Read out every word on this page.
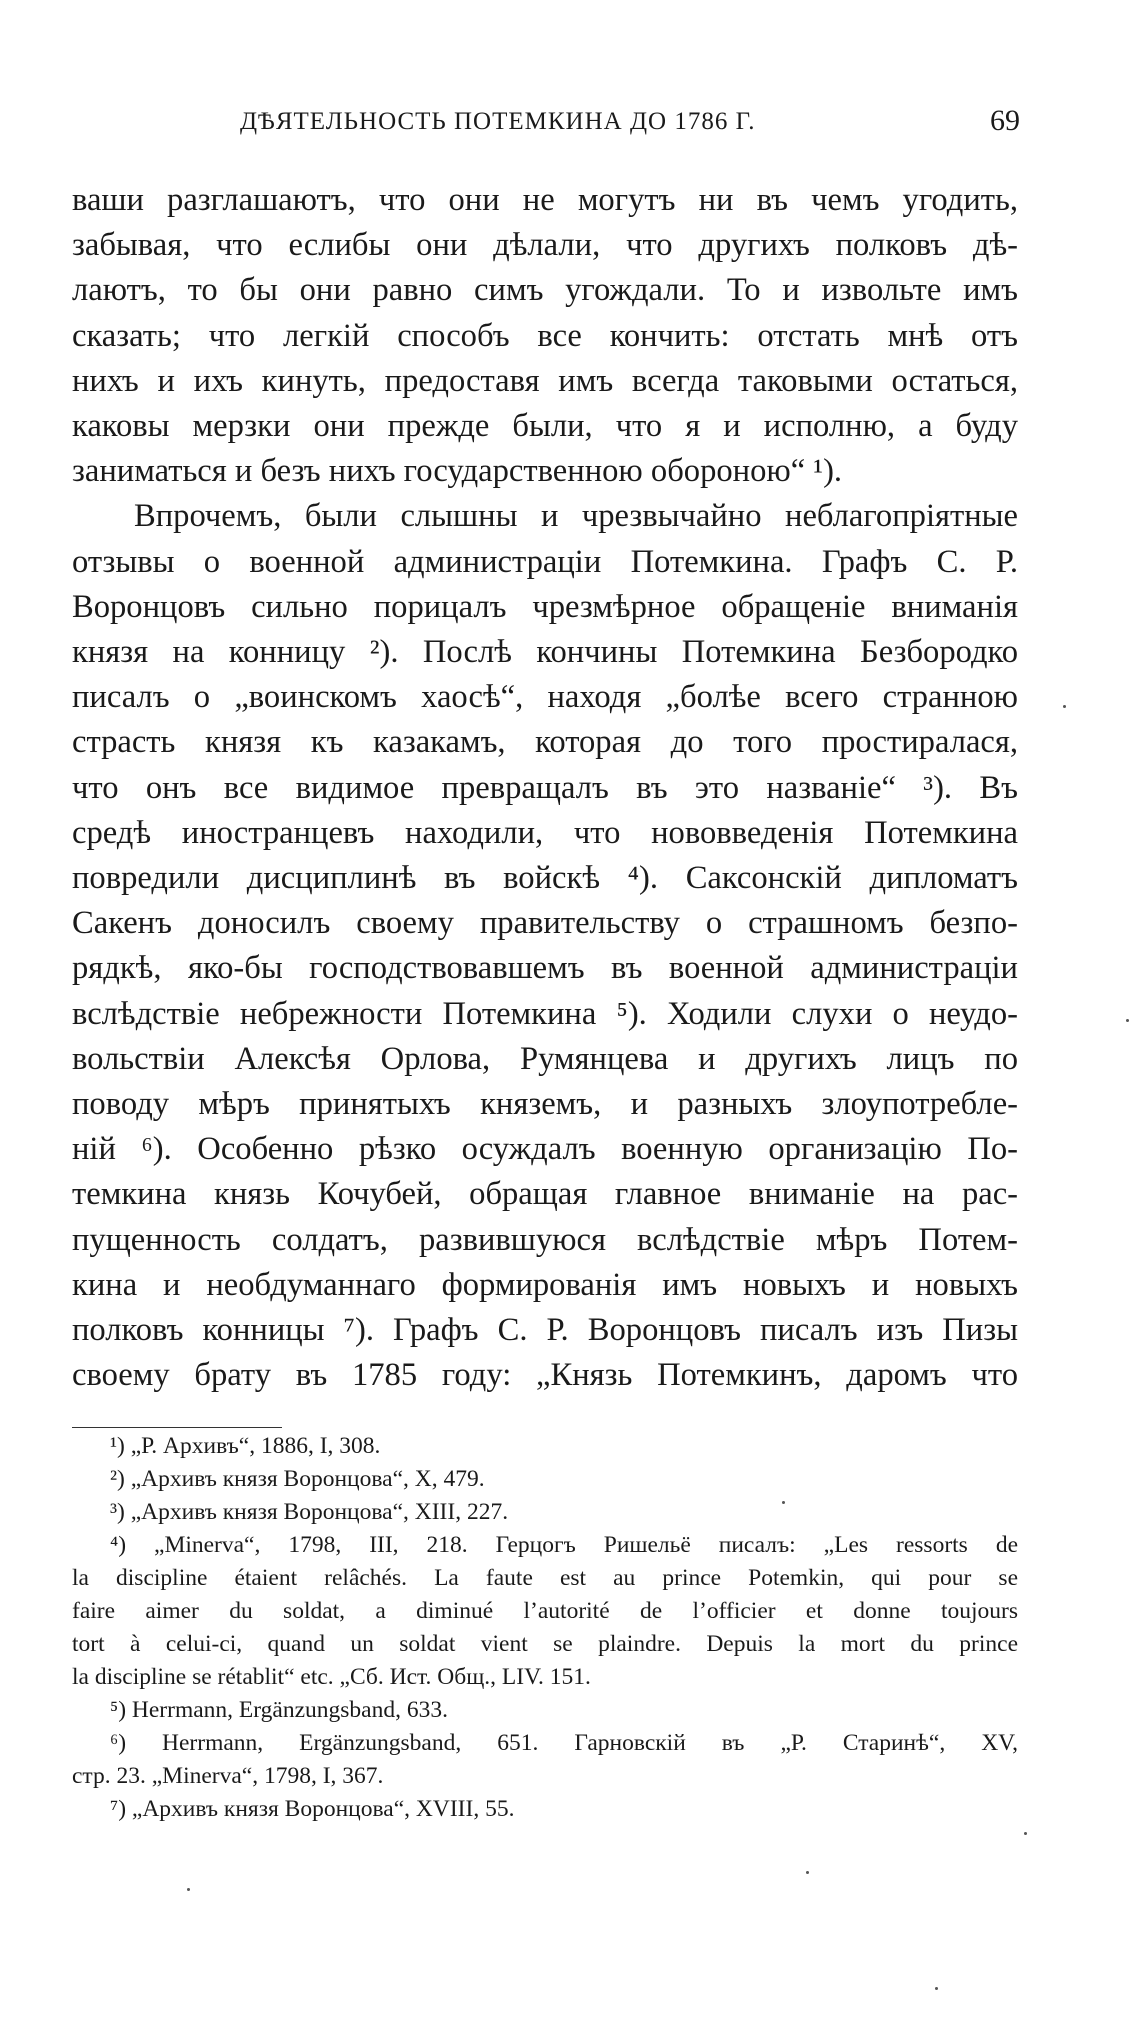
ДѢЯТЕЛЬНОСТЬ ПОТЕМКИНА ДО 1786 Г.	69

ваши разглашаютъ, что они не могутъ ни въ чемъ угодить,
забывая, что еслибы они дѣлали, что другихъ полковъ дѣ-
лаютъ, то бы они равно симъ угождали. То и извольте имъ
сказать; что легкій способъ все кончить: отстать мнѣ отъ
нихъ и ихъ кинуть, предоставя имъ всегда таковыми остаться,
каковы мерзки они прежде были, что я и исполню, а буду
заниматься и безъ нихъ государственною обороною“ ¹).

Впрочемъ, были слышны и чрезвычайно неблагопріятные
отзывы о военной администраціи Потемкина. Графъ С. Р.
Воронцовъ сильно порицалъ чрезмѣрное обращеніе вниманія
князя на конницу ²). Послѣ кончины Потемкина Безбородко
писалъ о „воинскомъ хаосѣ“, находя „болѣе всего странною
страсть князя къ казакамъ, которая до того простиралася,
что онъ все видимое превращалъ въ это названіе“ ³). Въ
средѣ иностранцевъ находили, что нововведенія Потемкина
повредили дисциплинѣ въ войскѣ ⁴). Саксонскій дипломатъ
Сакенъ доносилъ своему правительству о страшномъ безпо-
рядкѣ, яко-бы господствовавшемъ въ военной администраціи
вслѣдствіе небрежности Потемкина ⁵). Ходили слухи о неудо-
вольствіи Алексѣя Орлова, Румянцева и другихъ лицъ по
поводу мѣръ принятыхъ княземъ, и разныхъ злоупотребле-
ній ⁶). Особенно рѣзко осуждалъ военную организацію По-
темкина князь Кочубей, обращая главное вниманіе на рас-
пущенность солдатъ, развившуюся вслѣдствіе мѣръ Потем-
кина и необдуманнаго формированія имъ новыхъ и новыхъ
полковъ конницы ⁷). Графъ С. Р. Воронцовъ писалъ изъ Пизы
своему брату въ 1785 году: „Князь Потемкинъ, даромъ что

¹) „Р. Архивъ“, 1886, I, 308.
²) „Архивъ князя Воронцова“, X, 479.
³) „Архивъ князя Воронцова“, XIII, 227.
⁴) „Minerva“, 1798, III, 218. Герцогъ Ришельё писалъ: „Les ressorts de
la discipline étaient relâchés. La faute est au prince Potemkin, qui pour se
faire aimer du soldat, a diminué l’autorité de l’officier et donne toujours
tort à celui-ci, quand un soldat vient se plaindre. Depuis la mort du prince
la discipline se rétablit“ etc. „Сб. Ист. Общ., LIV. 151.
⁵) Herrmann, Ergänzungsband, 633.
⁶) Herrmann, Ergänzungsband, 651. Гарновскій въ „Р. Старинѣ“, XV,
стр. 23. „Minerva“, 1798, I, 367.
⁷) „Архивъ князя Воронцова“, XVIII, 55.
